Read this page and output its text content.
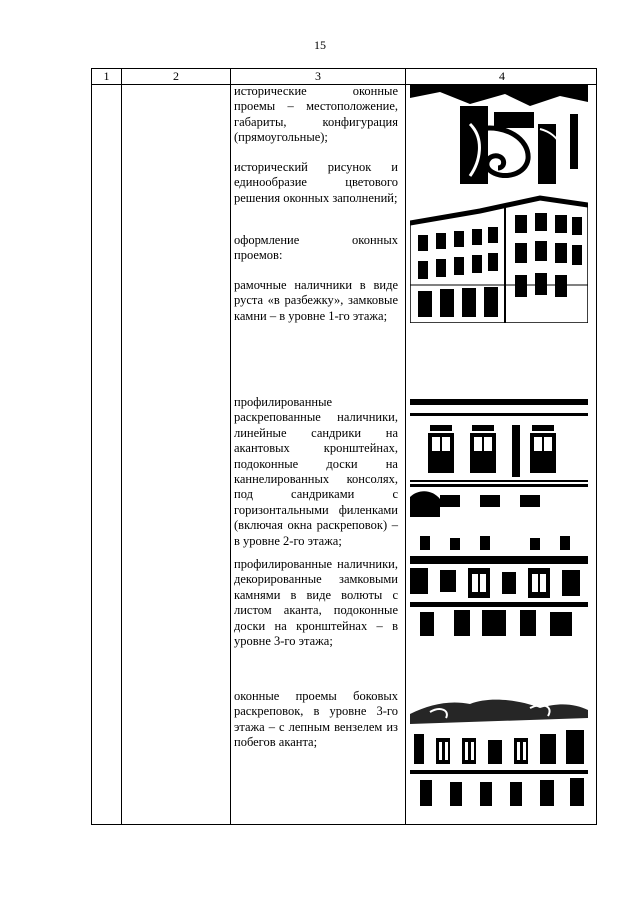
15
1	2	3	4
исторические оконные проемы – местоположение, габариты, конфигурация (прямоугольные);
исторический рисунок и единообразие цветового решения оконных заполнений;
оформление оконных проемов:
рамочные наличники в виде руста «в разбежку», замковые камни – в уровне 1-го этажа;
профилированные раскрепованные наличники, линейные сандрики на акантовых кронштейнах, подоконные доски на каннелированных консолях, под сандриками с горизонтальными филенками (включая окна раскреповок) – в уровне 2-го этажа;
профилированные наличники, декорированные замковыми камнями в виде волюты с листом аканта, подоконные доски на кронштейнах – в уровне 3-го этажа;
оконные проемы боковых раскреповок, в уровне 3-го этажа – с лепным вензелем из побегов аканта;
